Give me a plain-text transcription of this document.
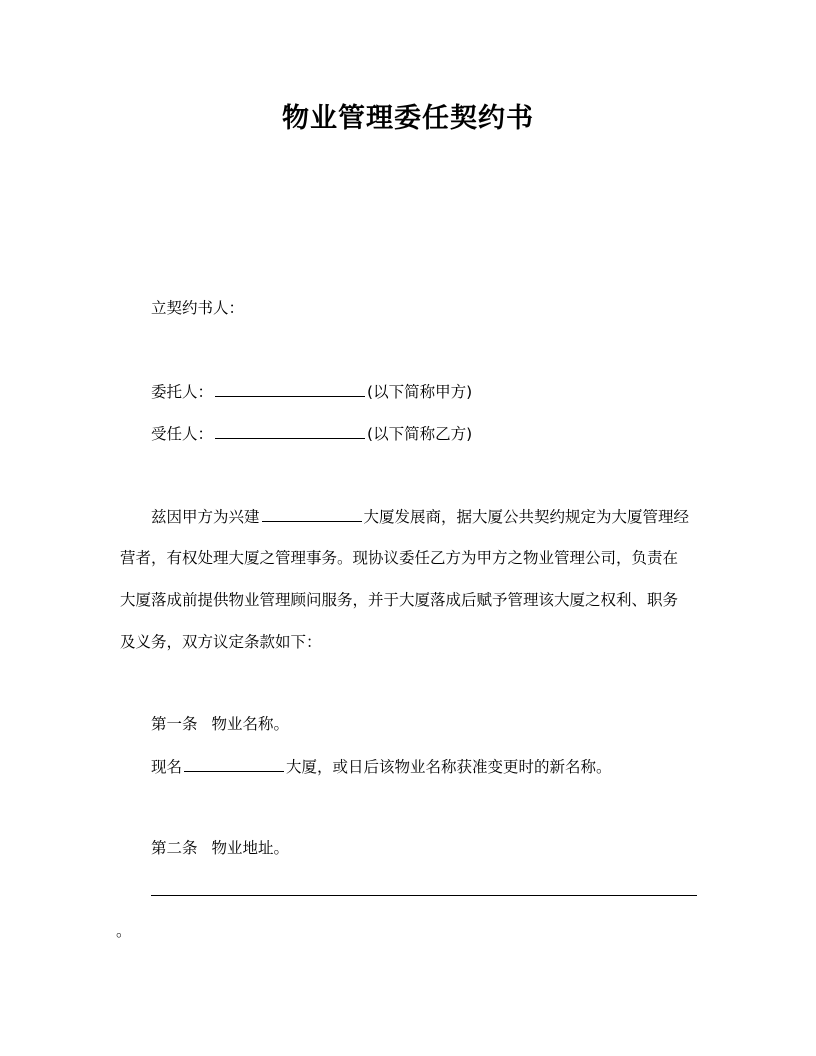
物业管理委任契约书
立契约书人：
委托人：	(以下简称甲方)
受任人：	(以下简称乙方)
兹因甲方为兴建	大厦发展商，据大厦公共契约规定为大厦管理经
营者，有权处理大厦之管理事务。现协议委任乙方为甲方之物业管理公司，负责在
大厦落成前提供物业管理顾问服务，并于大厦落成后赋予管理该大厦之权利、职务
及义务，双方议定条款如下：
第一条 物业名称。
现名	大厦，或日后该物业名称获准变更时的新名称。
第二条 物业地址。
。
